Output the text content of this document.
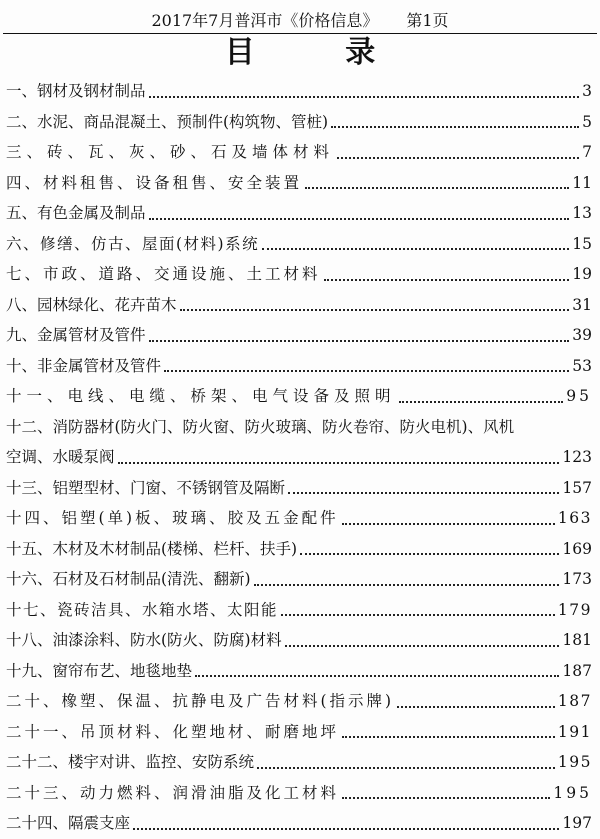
2017年7月普洱市《价格信息》 第1页
目 录
一、钢材及钢材制品	3
二、水泥、商品混凝土、预制件(构筑物、管桩)	5
三、砖、瓦、灰、砂、石及墙体材料	7
四、材料租售、设备租售、安全装置	11
五、有色金属及制品	13
六、修缮、仿古、屋面(材料)系统	15
七、市政、道路、交通设施、土工材料	19
八、园林绿化、花卉苗木	31
九、金属管材及管件	39
十、非金属管材及管件	53
十一、电线、电缆、桥架、电气设备及照明	95
十二、消防器材(防火门、防火窗、防火玻璃、防火卷帘、防火电机)、风机
空调、水暖泵阀	123
十三、铝塑型材、门窗、不锈钢管及隔断	157
十四、铝塑(单)板、玻璃、胶及五金配件	163
十五、木材及木材制品(楼梯、栏杆、扶手)	169
十六、石材及石材制品(清洗、翻新)	173
十七、瓷砖洁具、水箱水塔、太阳能	179
十八、油漆涂料、防水(防火、防腐)材料	181
十九、窗帘布艺、地毯地垫	187
二十、橡塑、保温、抗静电及广告材料(指示牌)	187
二十一、吊顶材料、化塑地材、耐磨地坪	191
二十二、楼宇对讲、监控、安防系统	195
二十三、动力燃料、润滑油脂及化工材料	195
二十四、隔震支座	197
